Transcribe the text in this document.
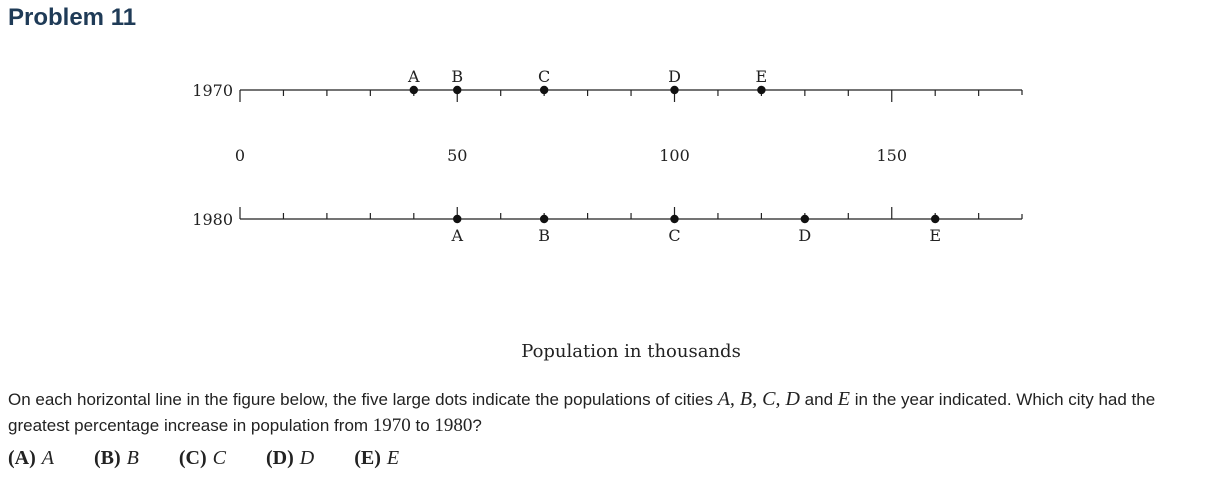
Problem 11
1970
1980
0	50	100	150
A B	C	D	E
A	B	C	D	E
Population in thousands

On each horizontal line in the figure below, the five large dots indicate the populations of cities A, B, C, D and E in the year indicated. Which city had the greatest percentage increase in population from 1970 to 1980?

(A) A (B) B (C) C (D) D (E) E
